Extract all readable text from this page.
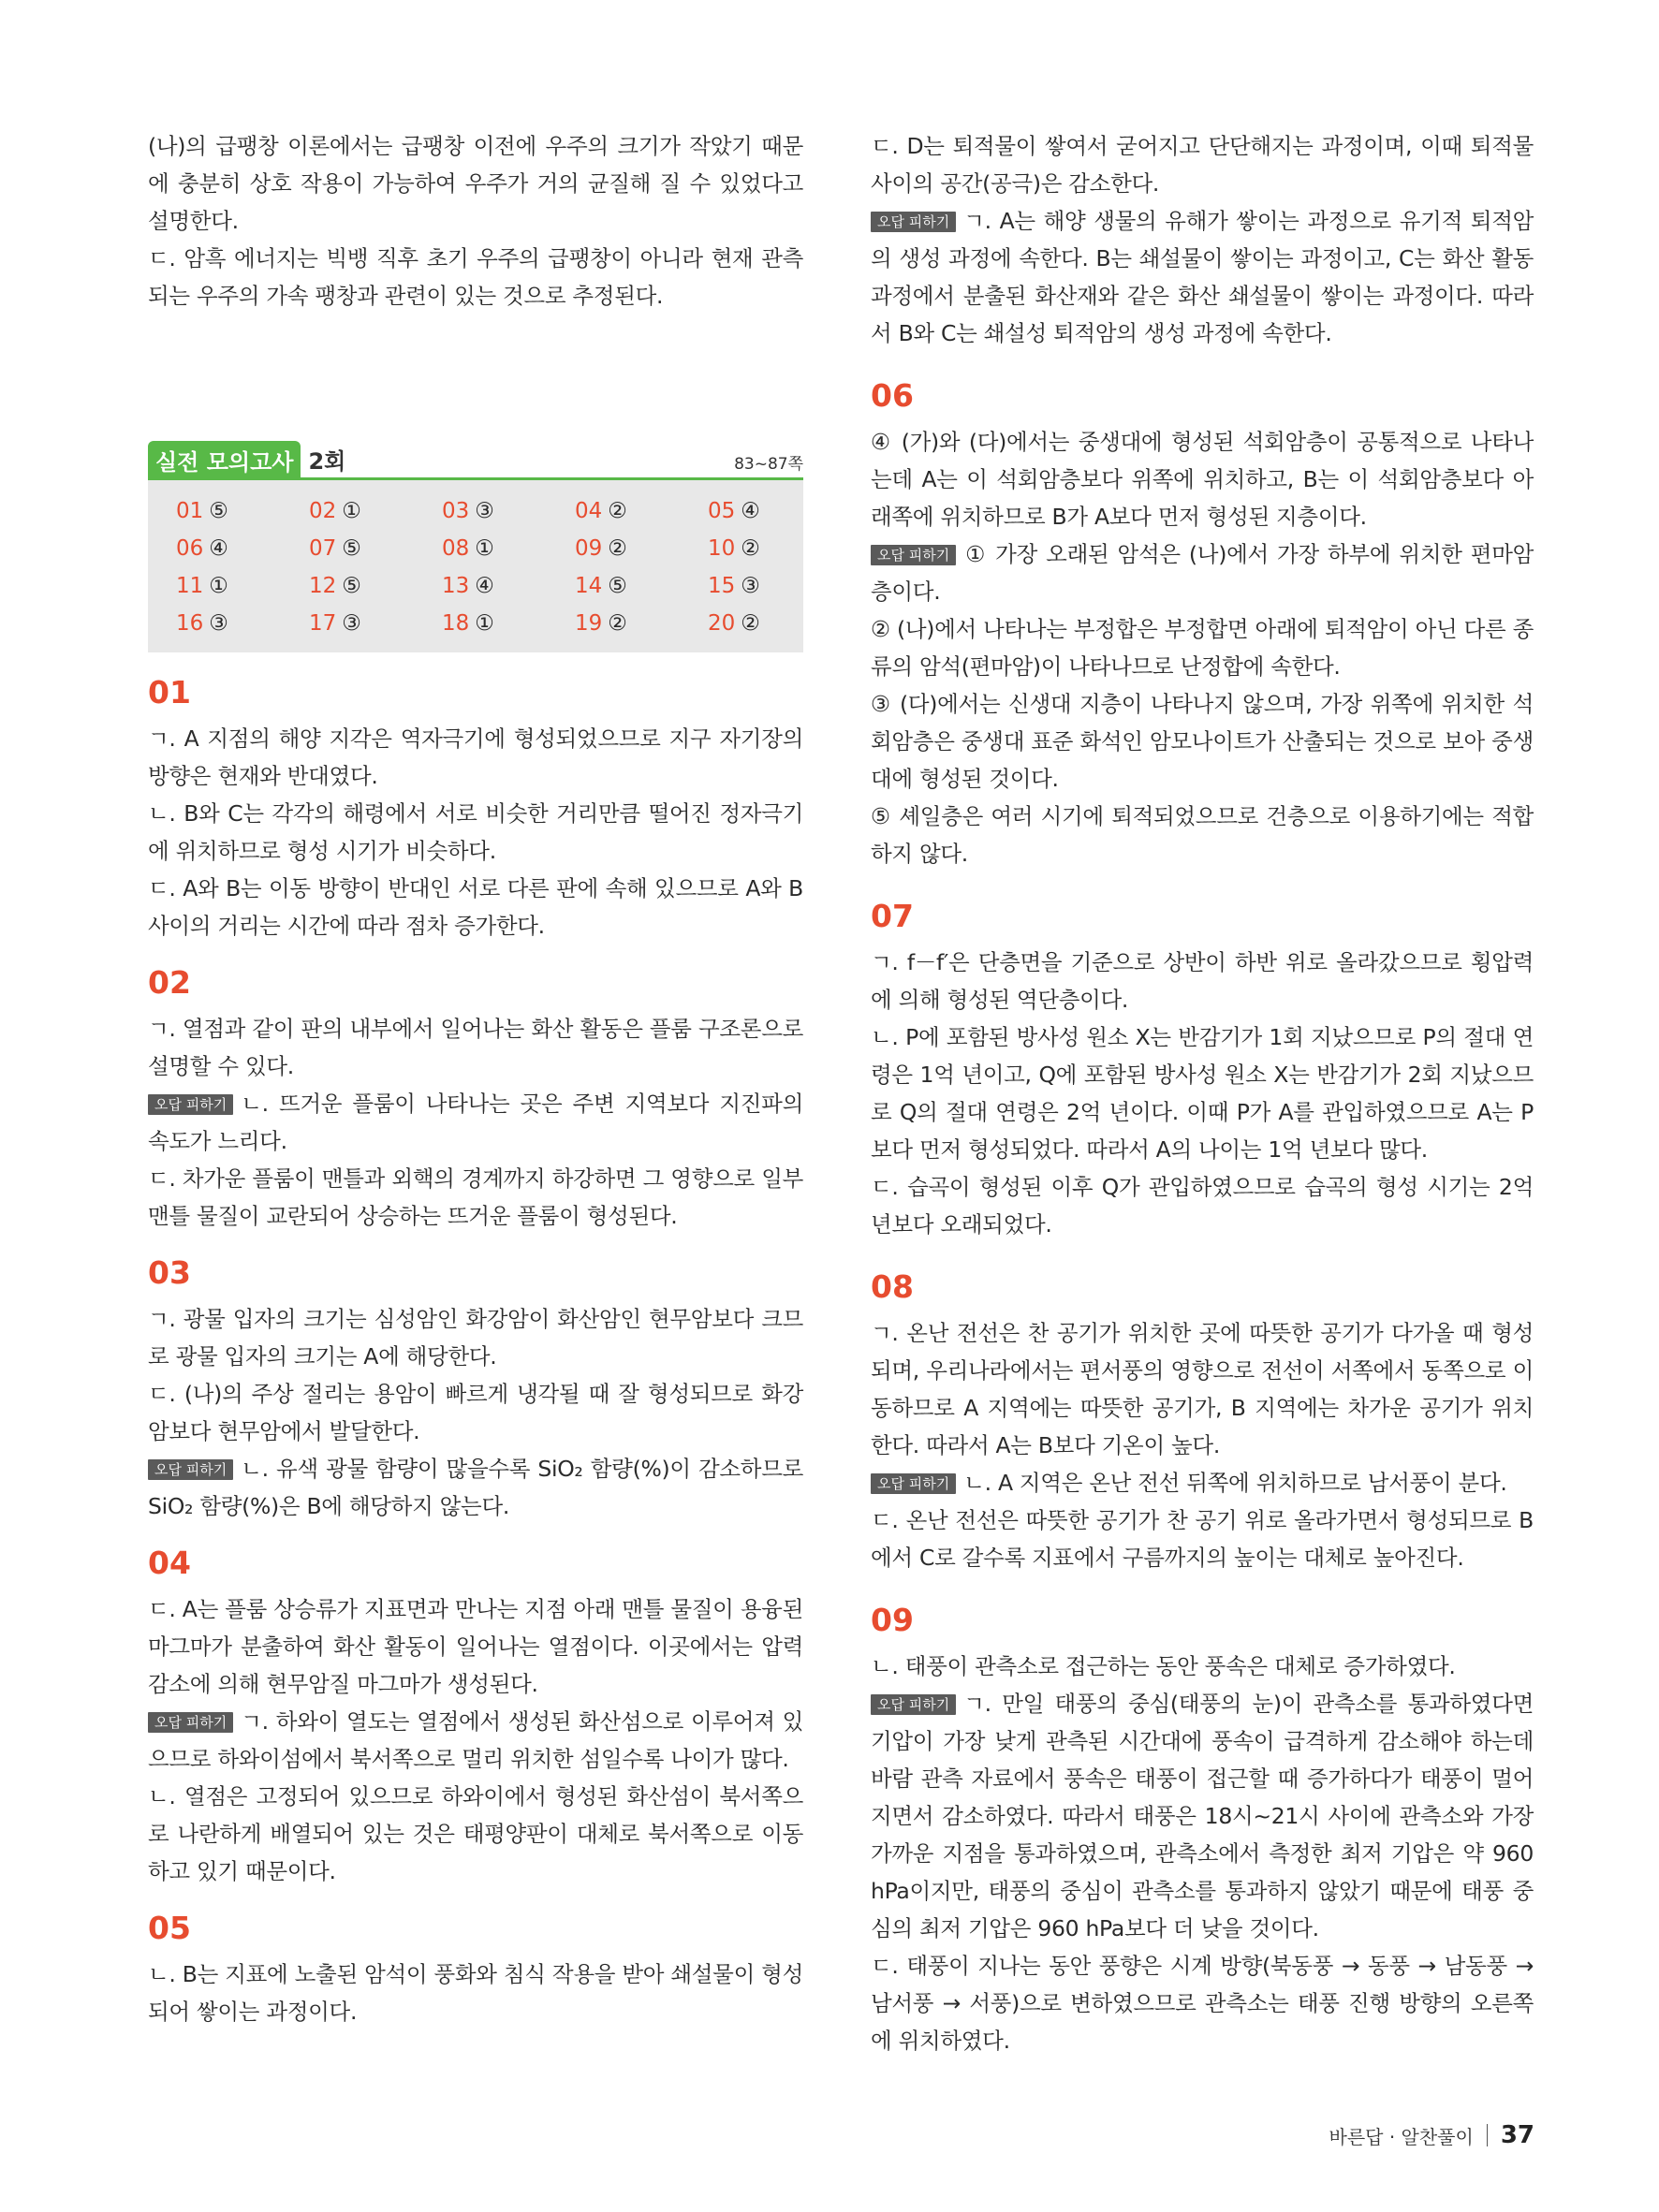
(나)의 급팽창 이론에서는 급팽창 이전에 우주의 크기가 작았기 때문에 충분히 상호 작용이 가능하여 우주가 거의 균질해 질 수 있었다고 설명한다.

ㄷ. 암흑 에너지는 빅뱅 직후 초기 우주의 급팽창이 아니라 현재 관측되는 우주의 가속 팽창과 관련이 있는 것으로 추정된다.

실전 모의고사 2회	83~87쪽
01 ⑤	02 ①	03 ③	04 ②	05 ④
06 ④	07 ⑤	08 ①	09 ②	10 ②
11 ①	12 ⑤	13 ④	14 ⑤	15 ③
16 ③	17 ③	18 ①	19 ②	20 ②
01

ㄱ. A 지점의 해양 지각은 역자극기에 형성되었으므로 지구 자기장의 방향은 현재와 반대였다.

ㄴ. B와 C는 각각의 해령에서 서로 비슷한 거리만큼 떨어진 정자극기에 위치하므로 형성 시기가 비슷하다.

ㄷ. A와 B는 이동 방향이 반대인 서로 다른 판에 속해 있으므로 A와 B 사이의 거리는 시간에 따라 점차 증가한다.

02

ㄱ. 열점과 같이 판의 내부에서 일어나는 화산 활동은 플룸 구조론으로 설명할 수 있다.

오답 피하기 ㄴ. 뜨거운 플룸이 나타나는 곳은 주변 지역보다 지진파의 속도가 느리다.

ㄷ. 차가운 플룸이 맨틀과 외핵의 경계까지 하강하면 그 영향으로 일부 맨틀 물질이 교란되어 상승하는 뜨거운 플룸이 형성된다.

03

ㄱ. 광물 입자의 크기는 심성암인 화강암이 화산암인 현무암보다 크므로 광물 입자의 크기는 A에 해당한다.

ㄷ. (나)의 주상 절리는 용암이 빠르게 냉각될 때 잘 형성되므로 화강암보다 현무암에서 발달한다.

오답 피하기 ㄴ. 유색 광물 함량이 많을수록 SiO₂ 함량(%)이 감소하므로 SiO₂ 함량(%)은 B에 해당하지 않는다.

04

ㄷ. A는 플룸 상승류가 지표면과 만나는 지점 아래 맨틀 물질이 용융된 마그마가 분출하여 화산 활동이 일어나는 열점이다. 이곳에서는 압력 감소에 의해 현무암질 마그마가 생성된다.

오답 피하기 ㄱ. 하와이 열도는 열점에서 생성된 화산섬으로 이루어져 있으므로 하와이섬에서 북서쪽으로 멀리 위치한 섬일수록 나이가 많다.

ㄴ. 열점은 고정되어 있으므로 하와이에서 형성된 화산섬이 북서쪽으로 나란하게 배열되어 있는 것은 태평양판이 대체로 북서쪽으로 이동하고 있기 때문이다.

05

ㄴ. B는 지표에 노출된 암석이 풍화와 침식 작용을 받아 쇄설물이 형성되어 쌓이는 과정이다.

ㄷ. D는 퇴적물이 쌓여서 굳어지고 단단해지는 과정이며, 이때 퇴적물 사이의 공간(공극)은 감소한다.

오답 피하기 ㄱ. A는 해양 생물의 유해가 쌓이는 과정으로 유기적 퇴적암의 생성 과정에 속한다. B는 쇄설물이 쌓이는 과정이고, C는 화산 활동 과정에서 분출된 화산재와 같은 화산 쇄설물이 쌓이는 과정이다. 따라서 B와 C는 쇄설성 퇴적암의 생성 과정에 속한다.

06

④ (가)와 (다)에서는 중생대에 형성된 석회암층이 공통적으로 나타나는데 A는 이 석회암층보다 위쪽에 위치하고, B는 이 석회암층보다 아래쪽에 위치하므로 B가 A보다 먼저 형성된 지층이다.

오답 피하기 ① 가장 오래된 암석은 (나)에서 가장 하부에 위치한 편마암층이다.

② (나)에서 나타나는 부정합은 부정합면 아래에 퇴적암이 아닌 다른 종류의 암석(편마암)이 나타나므로 난정합에 속한다.

③ (다)에서는 신생대 지층이 나타나지 않으며, 가장 위쪽에 위치한 석회암층은 중생대 표준 화석인 암모나이트가 산출되는 것으로 보아 중생대에 형성된 것이다.

⑤ 셰일층은 여러 시기에 퇴적되었으므로 건층으로 이용하기에는 적합하지 않다.

07

ㄱ. f－f′은 단층면을 기준으로 상반이 하반 위로 올라갔으므로 횡압력에 의해 형성된 역단층이다.

ㄴ. P에 포함된 방사성 원소 X는 반감기가 1회 지났으므로 P의 절대 연령은 1억 년이고, Q에 포함된 방사성 원소 X는 반감기가 2회 지났으므로 Q의 절대 연령은 2억 년이다. 이때 P가 A를 관입하였으므로 A는 P보다 먼저 형성되었다. 따라서 A의 나이는 1억 년보다 많다.

ㄷ. 습곡이 형성된 이후 Q가 관입하였으므로 습곡의 형성 시기는 2억 년보다 오래되었다.

08

ㄱ. 온난 전선은 찬 공기가 위치한 곳에 따뜻한 공기가 다가올 때 형성되며, 우리나라에서는 편서풍의 영향으로 전선이 서쪽에서 동쪽으로 이동하므로 A 지역에는 따뜻한 공기가, B 지역에는 차가운 공기가 위치한다. 따라서 A는 B보다 기온이 높다.

오답 피하기 ㄴ. A 지역은 온난 전선 뒤쪽에 위치하므로 남서풍이 분다.

ㄷ. 온난 전선은 따뜻한 공기가 찬 공기 위로 올라가면서 형성되므로 B에서 C로 갈수록 지표에서 구름까지의 높이는 대체로 높아진다.

09

ㄴ. 태풍이 관측소로 접근하는 동안 풍속은 대체로 증가하였다.

오답 피하기 ㄱ. 만일 태풍의 중심(태풍의 눈)이 관측소를 통과하였다면 기압이 가장 낮게 관측된 시간대에 풍속이 급격하게 감소해야 하는데 바람 관측 자료에서 풍속은 태풍이 접근할 때 증가하다가 태풍이 멀어지면서 감소하였다. 따라서 태풍은 18시~21시 사이에 관측소와 가장 가까운 지점을 통과하였으며, 관측소에서 측정한 최저 기압은 약 960 hPa이지만, 태풍의 중심이 관측소를 통과하지 않았기 때문에 태풍 중심의 최저 기압은 960 hPa보다 더 낮을 것이다.

ㄷ. 태풍이 지나는 동안 풍향은 시계 방향(북동풍 → 동풍 → 남동풍 → 남서풍 → 서풍)으로 변하였으므로 관측소는 태풍 진행 방향의 오른쪽에 위치하였다.

바른답 · 알찬풀이 37
